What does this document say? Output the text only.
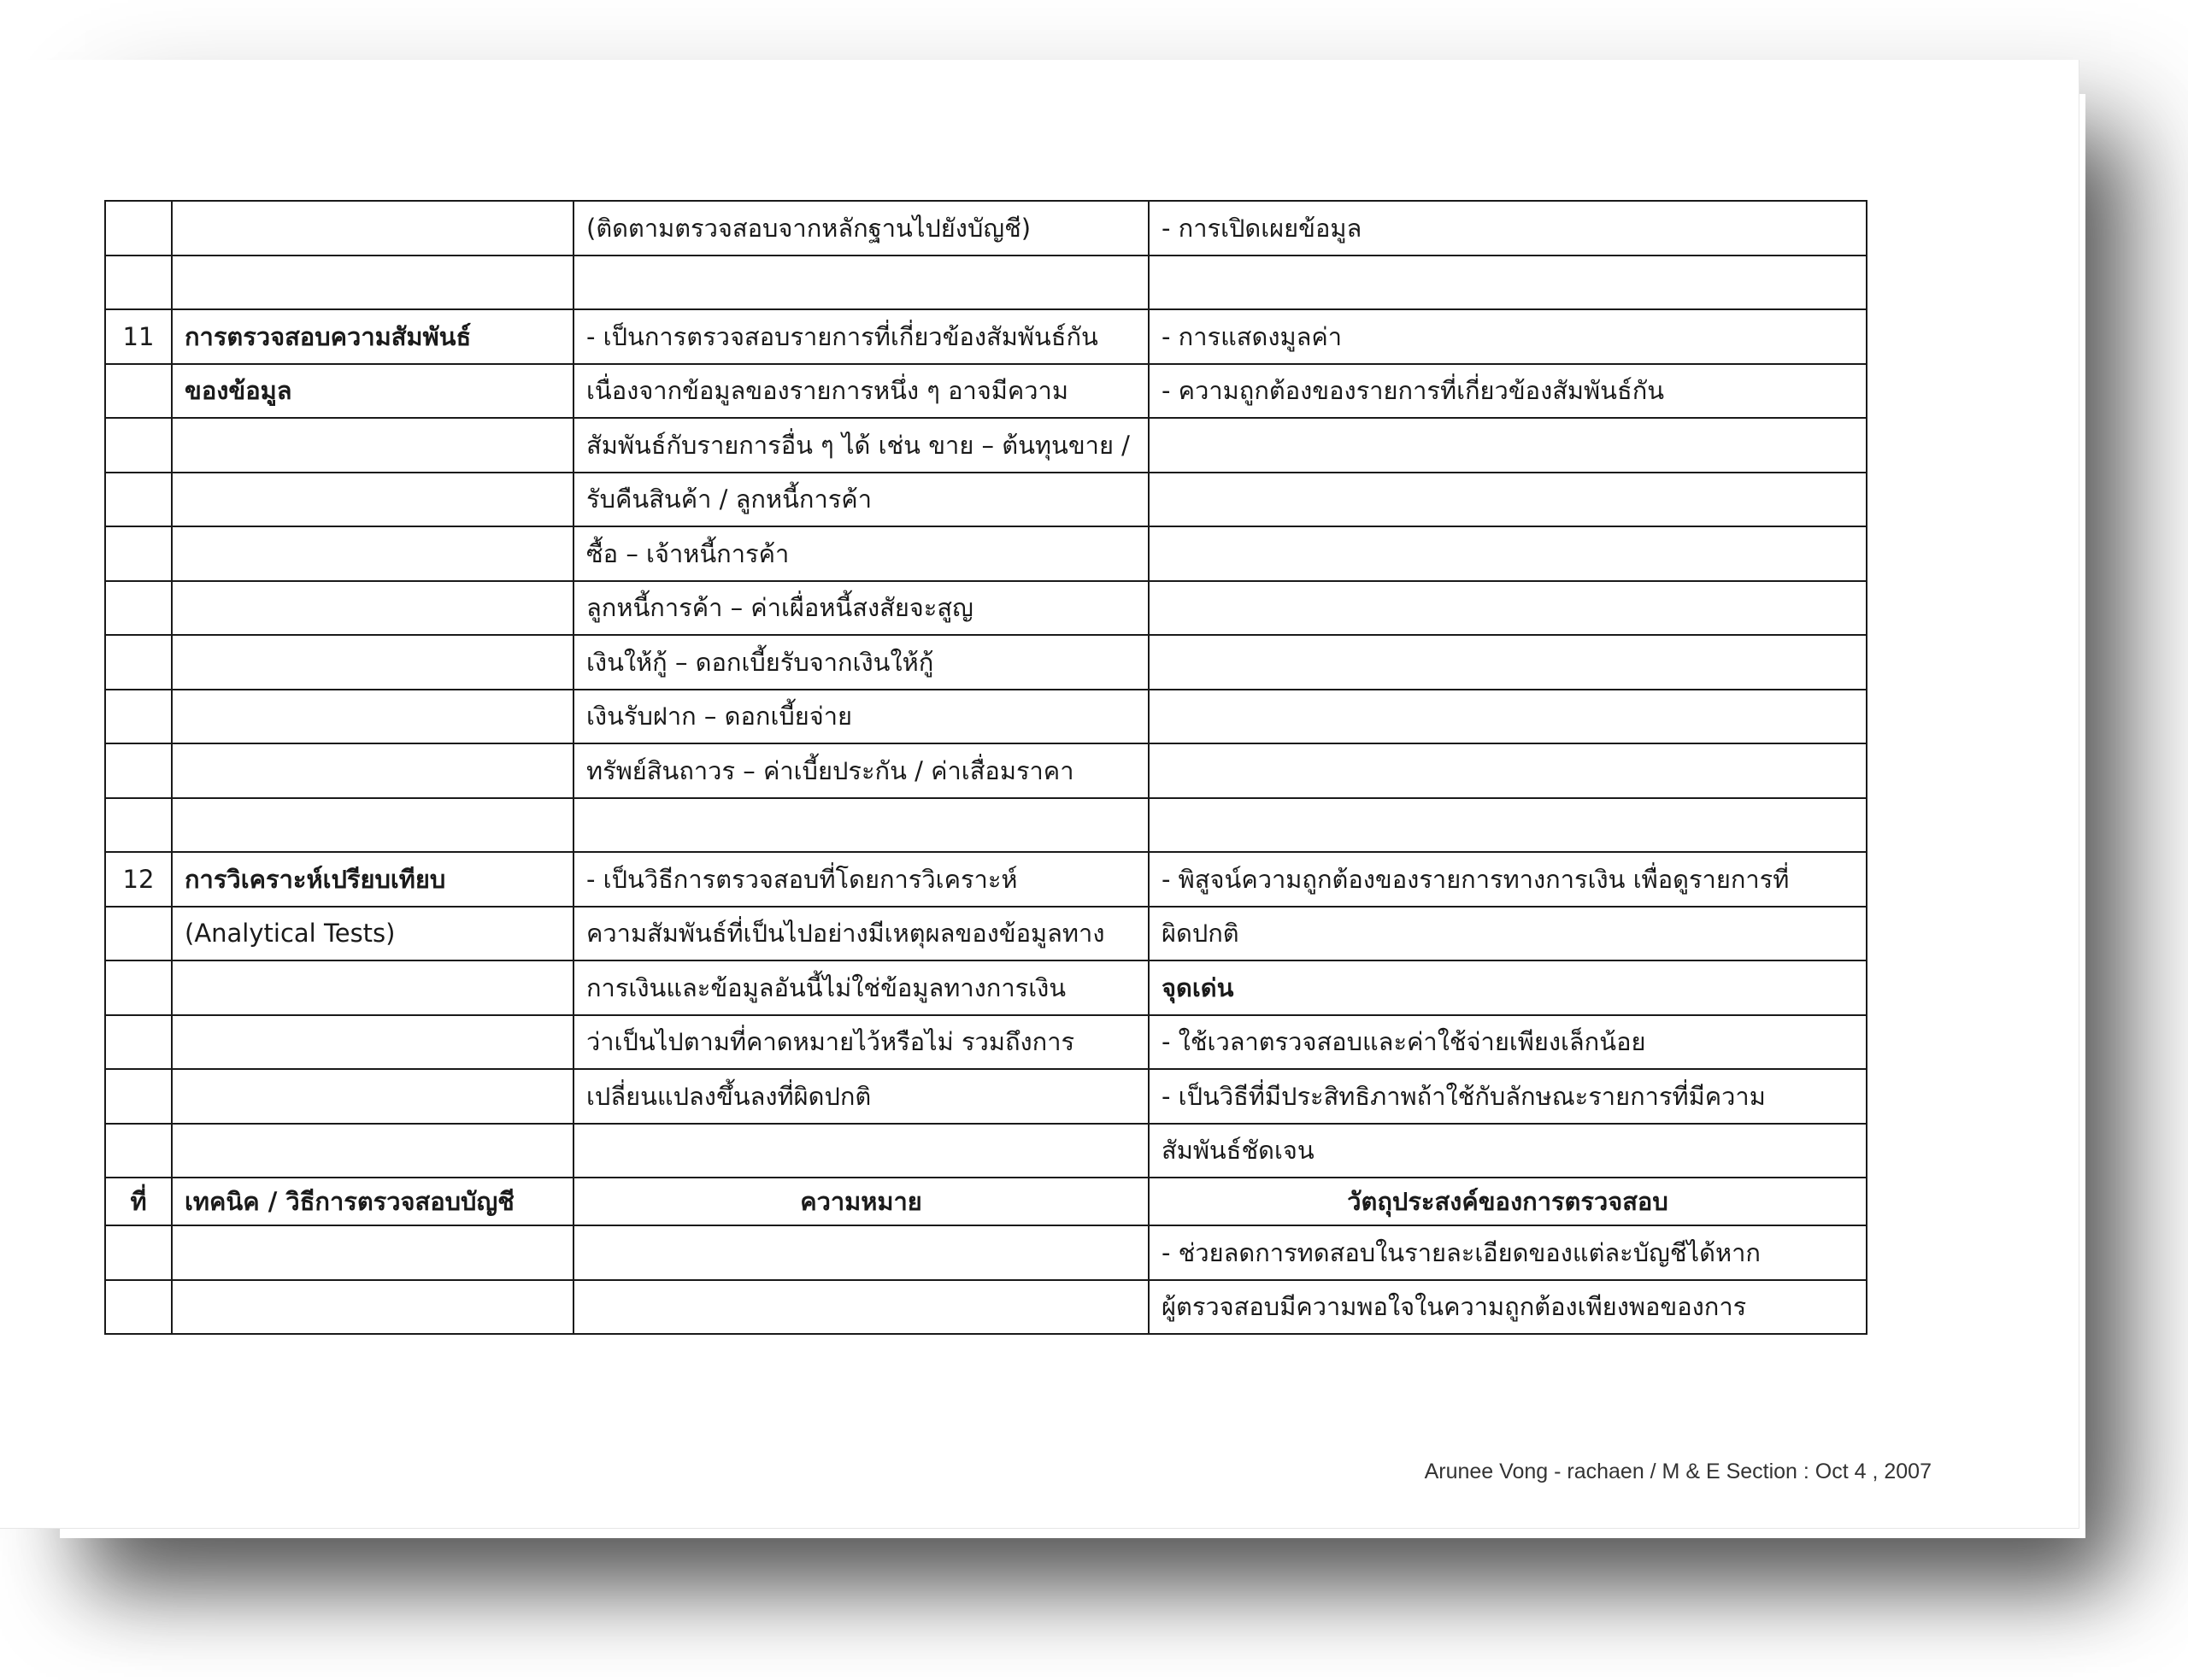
		(ติดตามตรวจสอบจากหลักฐานไปยังบัญชี)	- การเปิดเผยข้อมูล

11	การตรวจสอบความสัมพันธ์	- เป็นการตรวจสอบรายการที่เกี่ยวข้องสัมพันธ์กัน	- การแสดงมูลค่า
	ของข้อมูล	เนื่องจากข้อมูลของรายการหนึ่ง ๆ อาจมีความ	- ความถูกต้องของรายการที่เกี่ยวข้องสัมพันธ์กัน
		สัมพันธ์กับรายการอื่น ๆ ได้ เช่น ขาย – ต้นทุนขาย /	
		รับคืนสินค้า / ลูกหนี้การค้า	
		ซื้อ – เจ้าหนี้การค้า	
		ลูกหนี้การค้า – ค่าเผื่อหนี้สงสัยจะสูญ	
		เงินให้กู้ – ดอกเบี้ยรับจากเงินให้กู้	
		เงินรับฝาก – ดอกเบี้ยจ่าย	
		ทรัพย์สินถาวร – ค่าเบี้ยประกัน / ค่าเสื่อมราคา	

12	การวิเคราะห์เปรียบเทียบ	- เป็นวิธีการตรวจสอบที่โดยการวิเคราะห์	- พิสูจน์ความถูกต้องของรายการทางการเงิน เพื่อดูรายการที่
	(Analytical Tests)	ความสัมพันธ์ที่เป็นไปอย่างมีเหตุผลของข้อมูลทาง	ผิดปกติ
		การเงินและข้อมูลอันนี้ไม่ใช่ข้อมูลทางการเงิน	จุดเด่น
		ว่าเป็นไปตามที่คาดหมายไว้หรือไม่ รวมถึงการ	- ใช้เวลาตรวจสอบและค่าใช้จ่ายเพียงเล็กน้อย
		เปลี่ยนแปลงขึ้นลงที่ผิดปกติ	- เป็นวิธีที่มีประสิทธิภาพถ้าใช้กับลักษณะรายการที่มีความ
			สัมพันธ์ชัดเจน
ที่	เทคนิค / วิธีการตรวจสอบบัญชี	ความหมาย	วัตถุประสงค์ของการตรวจสอบ
			- ช่วยลดการทดสอบในรายละเอียดของแต่ละบัญชีได้หาก
			ผู้ตรวจสอบมีความพอใจในความถูกต้องเพียงพอของการ
Arunee Vong - rachaen / M & E Section : Oct 4 , 2007
